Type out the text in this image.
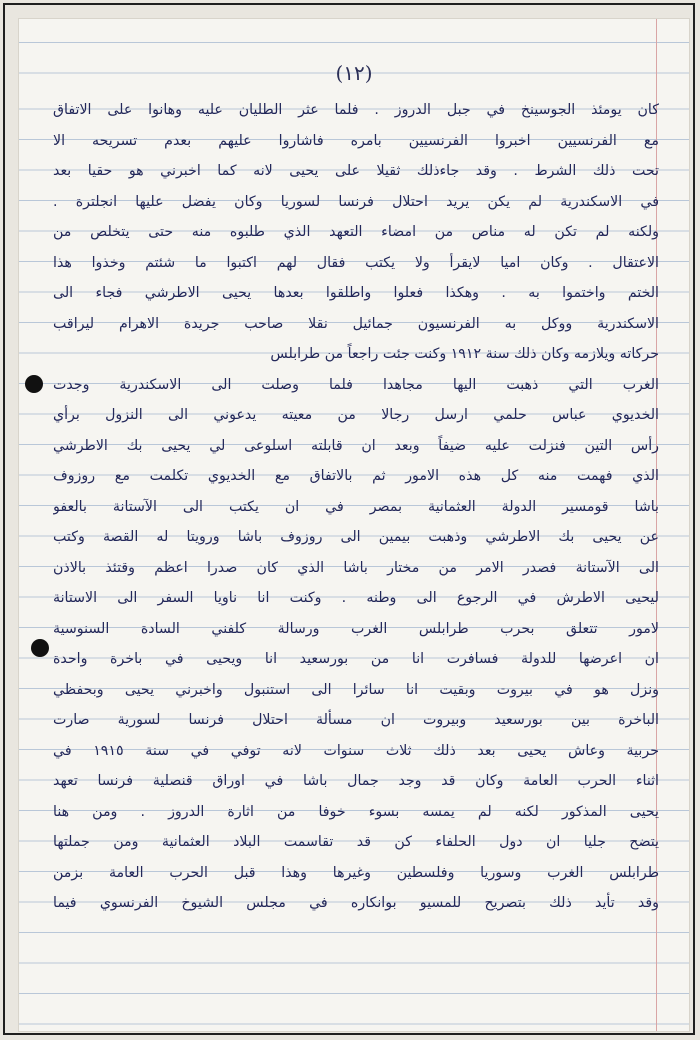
(١٢)
كان يومئذ الجوسينخ في جبل الدروز . فلما عثر الطليان عليه وهانوا على الاتفاق
مع الفرنسيين اخبروا الفرنسيين بامره فاشاروا عليهم بعدم تسريحه الا
تحت ذلك الشرط . وقد جاءذلك ثقيلا على يحيى لانه كما اخبرني هو حقيا بعد
في الاسكندرية لم يكن يريد احتلال فرنسا لسوريا وكان يفضل عليها انجلترة .
ولكنه لم تكن له مناص من امضاء التعهد الذي طلبوه منه حتى يتخلص من
الاعتقال . وكان اميا لايقرأ ولا يكتب فقال لهم اكتبوا ما شئتم وخذوا هذا
الختم واختموا به . وهكذا فعلوا واطلقوا بعدها يحيى الاطرشي فجاء الى
الاسكندرية ووكل به الفرنسيون جمائيل نقلا صاحب جريدة الاهرام ليراقب
حركاته ويلازمه وكان ذلك سنة ١٩١٢ وكنت جئت راجعاً من طرابلس
الغرب التي ذهبت اليها مجاهدا فلما وصلت الى الاسكندرية وجدت
الخديوي عباس حلمي ارسل رجالا من معيته يدعوني الى النزول برأي
رأس التين فنزلت عليه ضيفاً وبعد ان قابلته اسلوعى لي يحيى بك الاطرشي
الذي فهمت منه كل هذه الامور ثم بالاتفاق مع الخديوي تكلمت مع روزوف
باشا قومسير الدولة العثمانية بمصر في ان يكتب الى الآستانة بالعفو
عن يحيى بك الاطرشي وذهبت بيمين الى روزوف باشا ورويتا له القصة وكتب
الى الآستانة فصدر الامر من مختار باشا الذي كان صدرا اعظم وقتئذ بالاذن
ليحيى الاطرش في الرجوع الى وطنه . وكنت انا ناويا السفر الى الاستانة
لامور تتعلق بحرب طرابلس الغرب ورسالة كلفني السادة السنوسية
ان اعرضها للدولة فسافرت انا من بورسعيد انا ويحيى في باخرة واحدة
ونزل هو في بيروت وبقيت انا سائرا الى استنبول واخبرني يحيى وبحفظي
الباخرة بين بورسعيد وبيروت ان مسألة احتلال فرنسا لسورية صارت
حربية وعاش يحيى بعد ذلك ثلاث سنوات لانه توفي في سنة ١٩١٥ في
اثناء الحرب العامة وكان قد وجد جمال باشا في اوراق قنصلية فرنسا تعهد
يحيى المذكور لكنه لم يمسه بسوء خوفا من اثارة الدروز . ومن هنا
يتضح جليا ان دول الحلفاء كن قد تقاسمت البلاد العثمانية ومن جملتها
طرابلس الغرب وسوريا وفلسطين وغيرها وهذا قبل الحرب العامة بزمن
وقد تأيد ذلك بتصريح للمسيو بوانكاره في مجلس الشيوخ الفرنسوي فيما
